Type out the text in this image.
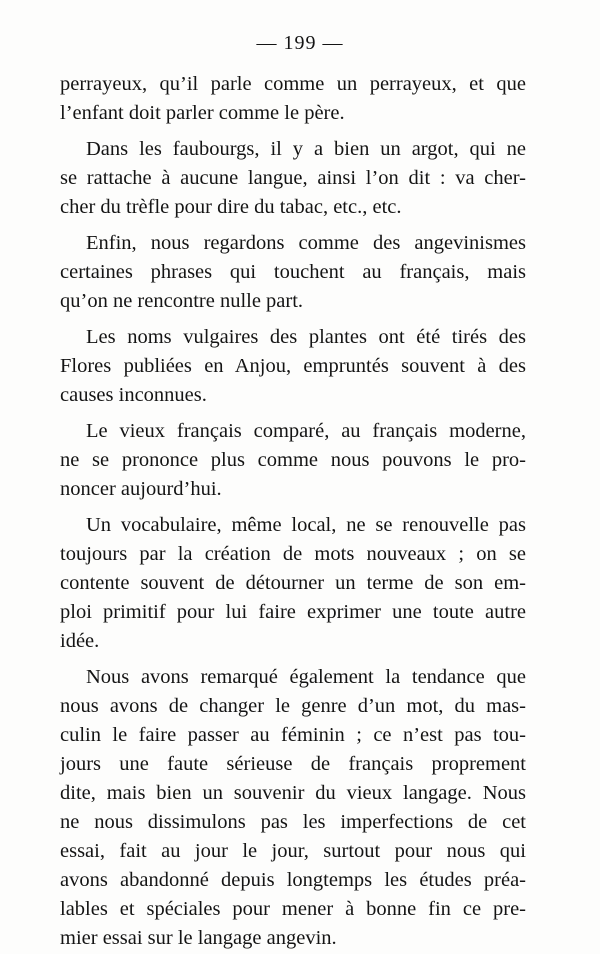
— 199 —
perrayeux, qu’il parle comme un perrayeux, et que
l’enfant doit parler comme le père.
Dans les faubourgs, il y a bien un argot, qui ne
se rattache à aucune langue, ainsi l’on dit : va cher-
cher du trèfle pour dire du tabac, etc., etc.
Enfin, nous regardons comme des angevinismes
certaines phrases qui touchent au français, mais
qu’on ne rencontre nulle part.
Les noms vulgaires des plantes ont été tirés des
Flores publiées en Anjou, empruntés souvent à des
causes inconnues.
Le vieux français comparé, au français moderne,
ne se prononce plus comme nous pouvons le pro-
noncer aujourd’hui.
Un vocabulaire, même local, ne se renouvelle pas
toujours par la création de mots nouveaux ; on se
contente souvent de détourner un terme de son em-
ploi primitif pour lui faire exprimer une toute autre
idée.
Nous avons remarqué également la tendance que
nous avons de changer le genre d’un mot, du mas-
culin le faire passer au féminin ; ce n’est pas tou-
jours une faute sérieuse de français proprement
dite, mais bien un souvenir du vieux langage. Nous
ne nous dissimulons pas les imperfections de cet
essai, fait au jour le jour, surtout pour nous qui
avons abandonné depuis longtemps les études préa-
lables et spéciales pour mener à bonne fin ce pre-
mier essai sur le langage angevin.
